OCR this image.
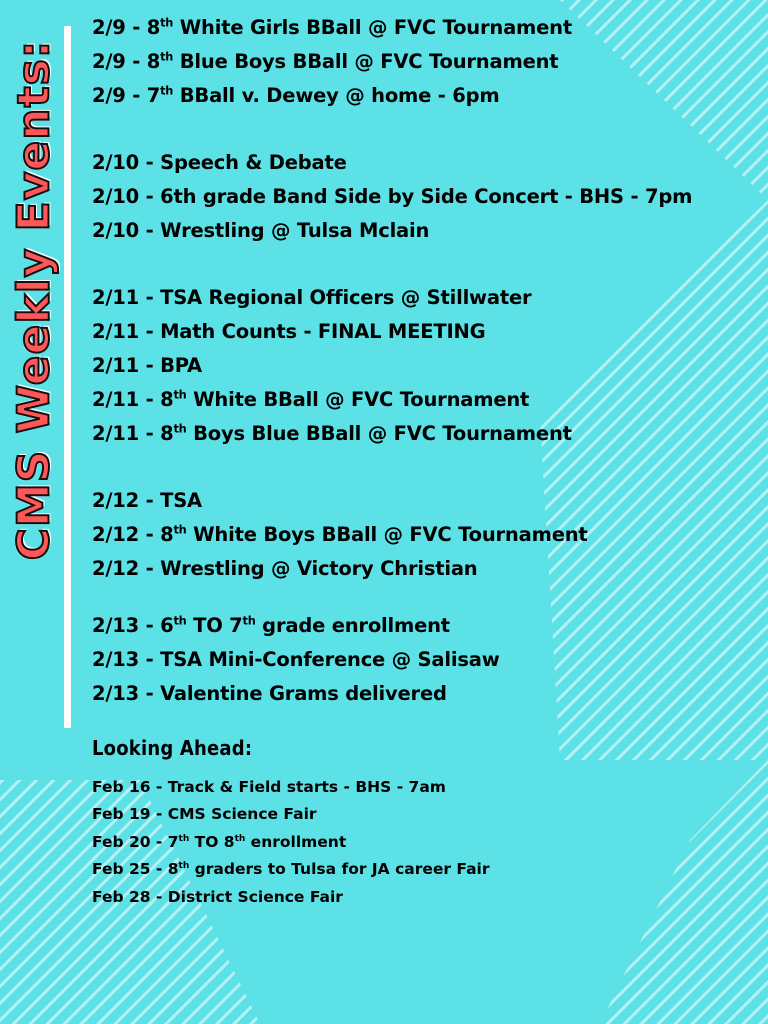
CMS Weekly Events:
2/9 - 8th White Girls BBall @ FVC Tournament
2/9 - 8th Blue Boys BBall @ FVC Tournament
2/9 - 7th BBall v. Dewey @ home - 6pm
2/10 - Speech & Debate
2/10 - 6th grade Band Side by Side Concert - BHS - 7pm
2/10 - Wrestling @ Tulsa Mclain
2/11 - TSA Regional Officers @ Stillwater
2/11 - Math Counts - FINAL MEETING
2/11 - BPA
2/11 - 8th White BBall @ FVC Tournament
2/11 - 8th Boys Blue BBall @ FVC Tournament
2/12 - TSA
2/12 - 8th White Boys BBall @ FVC Tournament
2/12 - Wrestling @ Victory Christian
2/13 - 6th TO 7th grade enrollment
2/13 - TSA Mini-Conference @ Salisaw
2/13 - Valentine Grams delivered
Looking Ahead:
Feb 16 - Track & Field starts - BHS - 7am
Feb 19 - CMS Science Fair
Feb 20 - 7th TO 8th enrollment
Feb 25 - 8th graders to Tulsa for JA career Fair
Feb 28 - District Science Fair
